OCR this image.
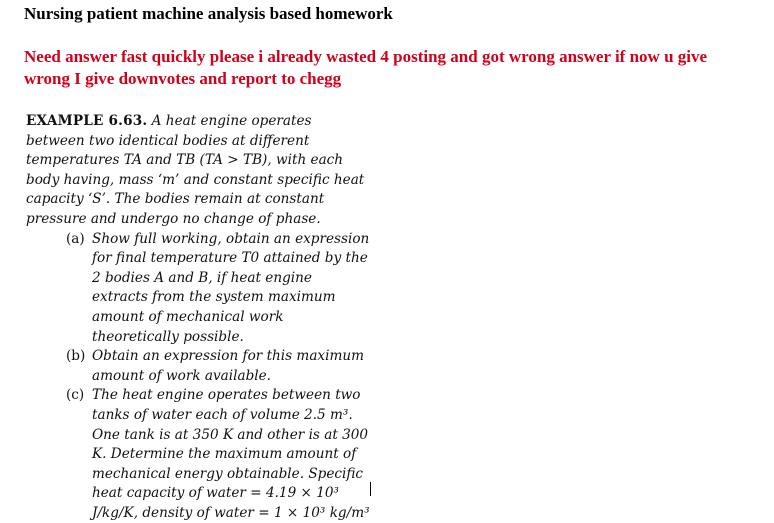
Nursing patient machine analysis based homework
Need answer fast quickly please i already wasted 4 posting and got wrong answer if now u give wrong I give downvotes and report to chegg
EXAMPLE 6.63. A heat engine operates between two identical bodies at different temperatures TA and TB (TA > TB), with each body having, mass ‘m’ and constant specific heat capacity ‘S’. The bodies remain at constant pressure and undergo no change of phase.
(a) Show full working, obtain an expression for final temperature T0 attained by the 2 bodies A and B, if heat engine extracts from the system maximum amount of mechanical work theoretically possible.
(b) Obtain an expression for this maximum amount of work available.
(c) The heat engine operates between two tanks of water each of volume 2.5 m³. One tank is at 350 K and other is at 300 K. Determine the maximum amount of mechanical energy obtainable. Specific heat capacity of water = 4.19 × 10³ J/kg/K, density of water = 1 × 10³ kg/m³
